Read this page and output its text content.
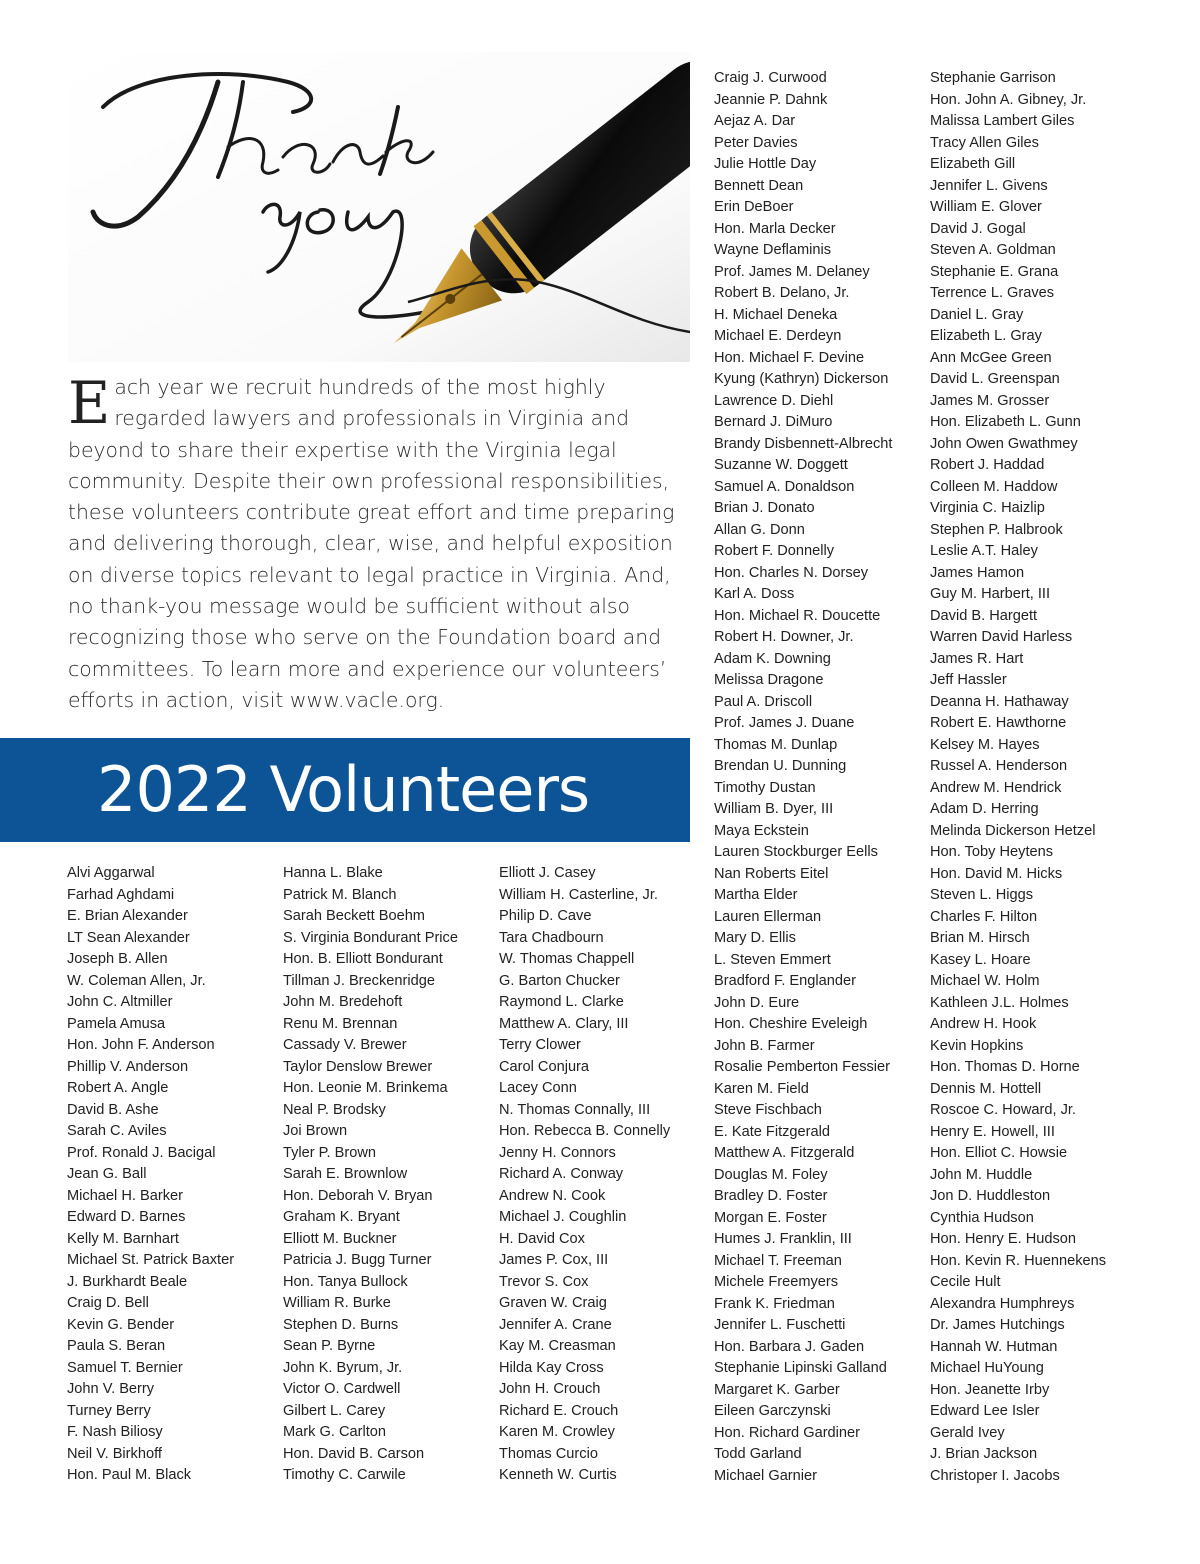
E ach year we recruit hundreds of the most highly regarded lawyers and professionals in Virginia and beyond to share their expertise with the Virginia legal community. Despite their own professional responsibilities, these volunteers contribute great effort and time preparing and delivering thorough, clear, wise, and helpful exposition on diverse topics relevant to legal practice in Virginia. And, no thank-you message would be sufficient without also recognizing those who serve on the Foundation board and committees. To learn more and experience our volunteers’ efforts in action, visit www.vacle.org.

2022 Volunteers
Alvi Aggarwal
Farhad Aghdami
E. Brian Alexander
LT Sean Alexander
Joseph B. Allen
W. Coleman Allen, Jr.
John C. Altmiller
Pamela Amusa
Hon. John F. Anderson
Phillip V. Anderson
Robert A. Angle
David B. Ashe
Sarah C. Aviles
Prof. Ronald J. Bacigal
Jean G. Ball
Michael H. Barker
Edward D. Barnes
Kelly M. Barnhart
Michael St. Patrick Baxter
J. Burkhardt Beale
Craig D. Bell
Kevin G. Bender
Paula S. Beran
Samuel T. Bernier
John V. Berry
Turney Berry
F. Nash Biliosy
Neil V. Birkhoff
Hon. Paul M. Black
Hanna L. Blake
Patrick M. Blanch
Sarah Beckett Boehm
S. Virginia Bondurant Price
Hon. B. Elliott Bondurant
Tillman J. Breckenridge
John M. Bredehoft
Renu M. Brennan
Cassady V. Brewer
Taylor Denslow Brewer
Hon. Leonie M. Brinkema
Neal P. Brodsky
Joi Brown
Tyler P. Brown
Sarah E. Brownlow
Hon. Deborah V. Bryan
Graham K. Bryant
Elliott M. Buckner
Patricia J. Bugg Turner
Hon. Tanya Bullock
William R. Burke
Stephen D. Burns
Sean P. Byrne
John K. Byrum, Jr.
Victor O. Cardwell
Gilbert L. Carey
Mark G. Carlton
Hon. David B. Carson
Timothy C. Carwile
Elliott J. Casey
William H. Casterline, Jr.
Philip D. Cave
Tara Chadbourn
W. Thomas Chappell
G. Barton Chucker
Raymond L. Clarke
Matthew A. Clary, III
Terry Clower
Carol Conjura
Lacey Conn
N. Thomas Connally, III
Hon. Rebecca B. Connelly
Jenny H. Connors
Richard A. Conway
Andrew N. Cook
Michael J. Coughlin
H. David Cox
James P. Cox, III
Trevor S. Cox
Graven W. Craig
Jennifer A. Crane
Kay M. Creasman
Hilda Kay Cross
John H. Crouch
Richard E. Crouch
Karen M. Crowley
Thomas Curcio
Kenneth W. Curtis
Craig J. Curwood
Jeannie P. Dahnk
Aejaz A. Dar
Peter Davies
Julie Hottle Day
Bennett Dean
Erin DeBoer
Hon. Marla Decker
Wayne Deflaminis
Prof. James M. Delaney
Robert B. Delano, Jr.
H. Michael Deneka
Michael E. Derdeyn
Hon. Michael F. Devine
Kyung (Kathryn) Dickerson
Lawrence D. Diehl
Bernard J. DiMuro
Brandy Disbennett-Albrecht
Suzanne W. Doggett
Samuel A. Donaldson
Brian J. Donato
Allan G. Donn
Robert F. Donnelly
Hon. Charles N. Dorsey
Karl A. Doss
Hon. Michael R. Doucette
Robert H. Downer, Jr.
Adam K. Downing
Melissa Dragone
Paul A. Driscoll
Prof. James J. Duane
Thomas M. Dunlap
Brendan U. Dunning
Timothy Dustan
William B. Dyer, III
Maya Eckstein
Lauren Stockburger Eells
Nan Roberts Eitel
Martha Elder
Lauren Ellerman
Mary D. Ellis
L. Steven Emmert
Bradford F. Englander
John D. Eure
Hon. Cheshire Eveleigh
John B. Farmer
Rosalie Pemberton Fessier
Karen M. Field
Steve Fischbach
E. Kate Fitzgerald
Matthew A. Fitzgerald
Douglas M. Foley
Bradley D. Foster
Morgan E. Foster
Humes J. Franklin, III
Michael T. Freeman
Michele Freemyers
Frank K. Friedman
Jennifer L. Fuschetti
Hon. Barbara J. Gaden
Stephanie Lipinski Galland
Margaret K. Garber
Eileen Garczynski
Hon. Richard Gardiner
Todd Garland
Michael Garnier
Stephanie Garrison
Hon. John A. Gibney, Jr.
Malissa Lambert Giles
Tracy Allen Giles
Elizabeth Gill
Jennifer L. Givens
William E. Glover
David J. Gogal
Steven A. Goldman
Stephanie E. Grana
Terrence L. Graves
Daniel L. Gray
Elizabeth L. Gray
Ann McGee Green
David L. Greenspan
James M. Grosser
Hon. Elizabeth L. Gunn
John Owen Gwathmey
Robert J. Haddad
Colleen M. Haddow
Virginia C. Haizlip
Stephen P. Halbrook
Leslie A.T. Haley
James Hamon
Guy M. Harbert, III
David B. Hargett
Warren David Harless
James R. Hart
Jeff Hassler
Deanna H. Hathaway
Robert E. Hawthorne
Kelsey M. Hayes
Russel A. Henderson
Andrew M. Hendrick
Adam D. Herring
Melinda Dickerson Hetzel
Hon. Toby Heytens
Hon. David M. Hicks
Steven L. Higgs
Charles F. Hilton
Brian M. Hirsch
Kasey L. Hoare
Michael W. Holm
Kathleen J.L. Holmes
Andrew H. Hook
Kevin Hopkins
Hon. Thomas D. Horne
Dennis M. Hottell
Roscoe C. Howard, Jr.
Henry E. Howell, III
Hon. Elliot C. Howsie
John M. Huddle
Jon D. Huddleston
Cynthia Hudson
Hon. Henry E. Hudson
Hon. Kevin R. Huennekens
Cecile Hult
Alexandra Humphreys
Dr. James Hutchings
Hannah W. Hutman
Michael HuYoung
Hon. Jeanette Irby
Edward Lee Isler
Gerald Ivey
J. Brian Jackson
Christoper I. Jacobs
